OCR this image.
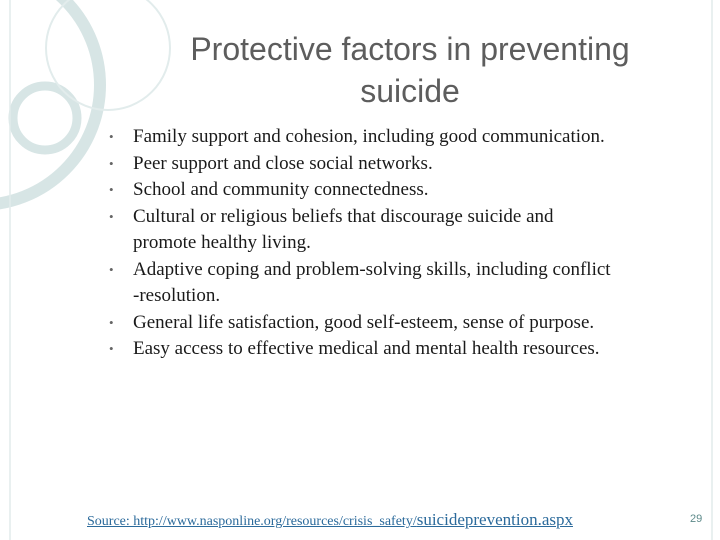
Protective factors in preventing
suicide
• Family support and cohesion, including good communication.
• Peer support and close social networks.
• School and community connectedness.
• Cultural or religious beliefs that discourage suicide and
promote healthy living.
• Adaptive coping and problem-solving skills, including conflict
-resolution.
• General life satisfaction, good self-esteem, sense of purpose.
• Easy access to effective medical and mental health resources.
Source: http://www.nasponline.org/resources/crisis_safety/suicideprevention.aspx	29
